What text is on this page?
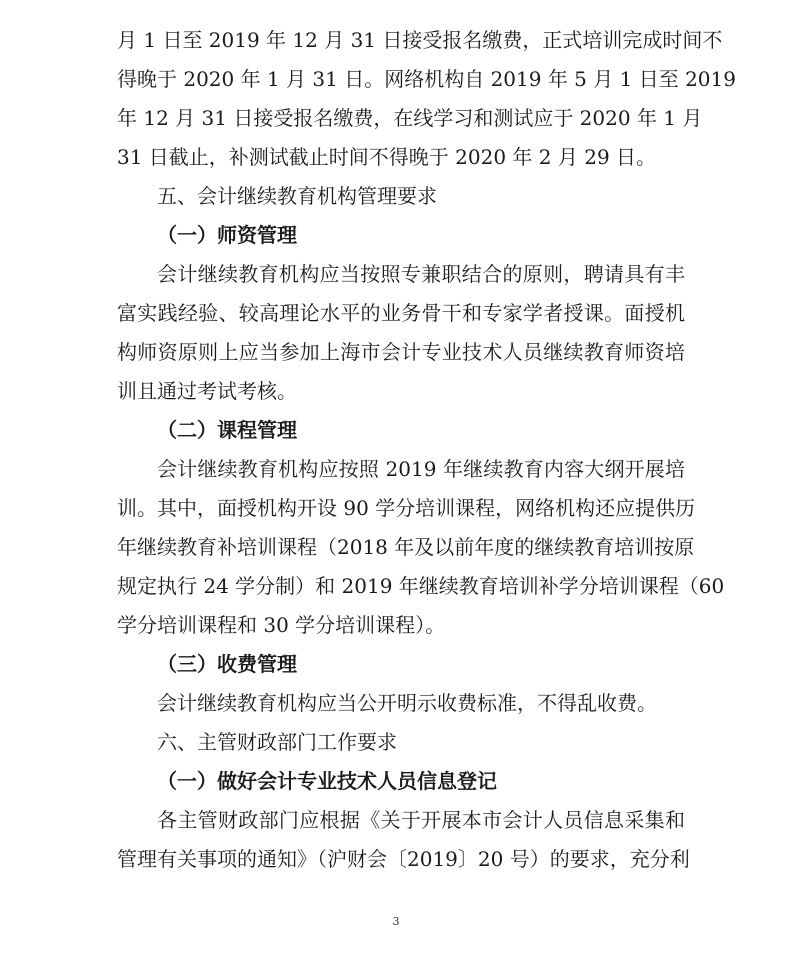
月 1 日至 2019 年 12 月 31 日接受报名缴费，正式培训完成时间不
得晚于 2020 年 1 月 31 日。网络机构自 2019 年 5 月 1 日至 2019
年 12 月 31 日接受报名缴费，在线学习和测试应于 2020 年 1 月
31 日截止，补测试截止时间不得晚于 2020 年 2 月 29 日。
五、会计继续教育机构管理要求
（一）师资管理
会计继续教育机构应当按照专兼职结合的原则，聘请具有丰
富实践经验、较高理论水平的业务骨干和专家学者授课。面授机
构师资原则上应当参加上海市会计专业技术人员继续教育师资培
训且通过考试考核。
（二）课程管理
会计继续教育机构应按照 2019 年继续教育内容大纲开展培
训。其中，面授机构开设 90 学分培训课程，网络机构还应提供历
年继续教育补培训课程（2018 年及以前年度的继续教育培训按原
规定执行 24 学分制）和 2019 年继续教育培训补学分培训课程（60
学分培训课程和 30 学分培训课程）。
（三）收费管理
会计继续教育机构应当公开明示收费标准，不得乱收费。
六、主管财政部门工作要求
（一）做好会计专业技术人员信息登记
各主管财政部门应根据《关于开展本市会计人员信息采集和
管理有关事项的通知》（沪财会〔2019〕20 号）的要求，充分利
3
